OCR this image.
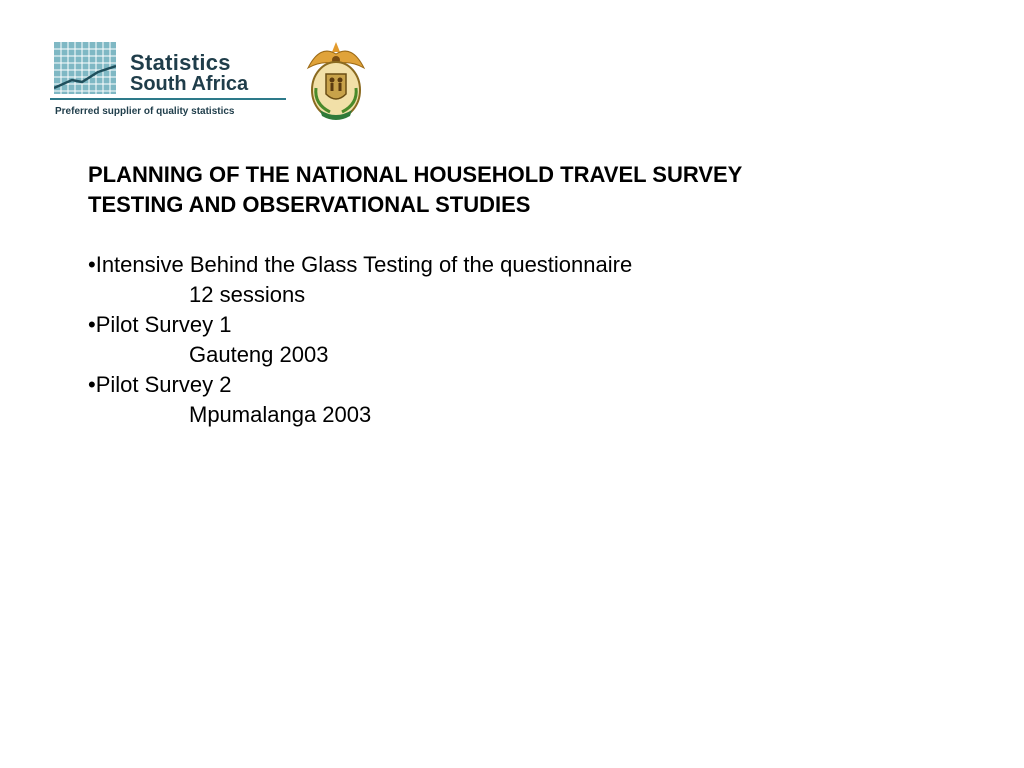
Statistics
South Africa
Preferred supplier of quality statistics
PLANNING OF THE NATIONAL HOUSEHOLD TRAVEL SURVEY
TESTING AND OBSERVATIONAL STUDIES
•Intensive Behind the Glass Testing of the questionnaire
12 sessions
•Pilot Survey 1
Gauteng 2003
•Pilot Survey 2
Mpumalanga 2003
